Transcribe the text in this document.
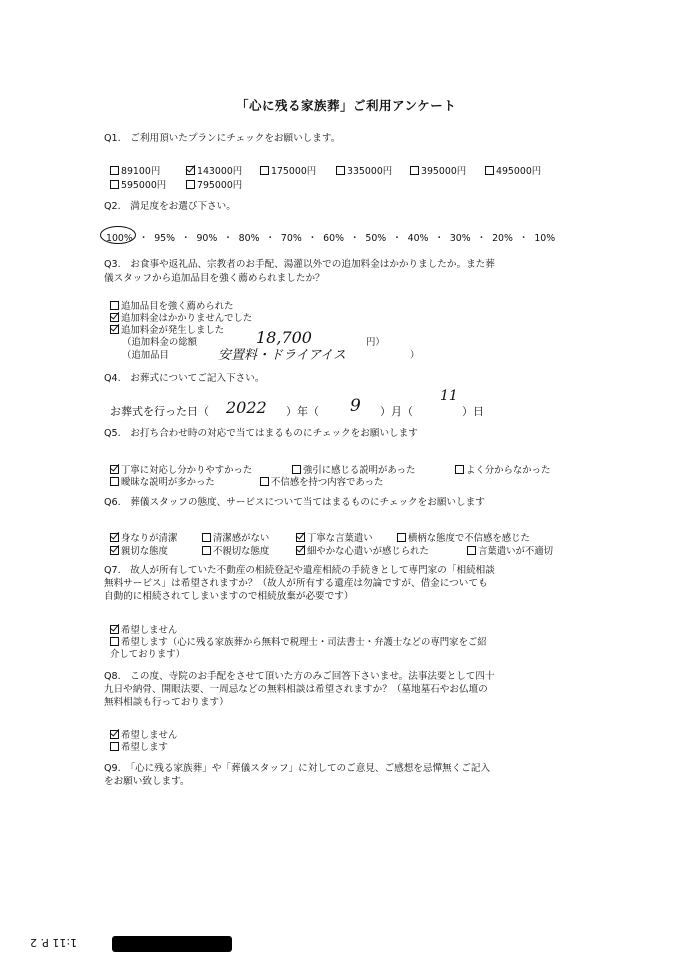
「心に残る家族葬」ご利用アンケート
Q1.　ご利用頂いたプランにチェックをお願いします。
89100円	143000円	175000円	335000円	395000円	495000円
595000円	795000円
Q2.　満足度をお選び下さい。
100% ・ 95% ・ 90% ・ 80% ・ 70% ・ 60% ・ 50% ・ 40% ・ 30% ・ 20% ・ 10%
Q3.　お食事や返礼品、宗教者のお手配、湯灌以外での追加料金はかかりましたか。また葬
儀スタッフから追加品目を強く薦められましたか？
追加品目を強く薦められた
追加料金はかかりませんでした
追加料金が発生しました
（追加料金の総額	18,700	円）
（追加品目	安置料・ドライアイス	）
Q4.　お葬式についてご記入下さい。
お葬式を行った日（ 2022 ）年（ 9 ）月（
11
）日
Q5.　お打ち合わせ時の対応で当てはまるものにチェックをお願いします
丁寧に対応し分かりやすかった	強引に感じる説明があった	よく分からなかった
曖昧な説明が多かった	不信感を持つ内容であった
Q6.　葬儀スタッフの態度、サービスについて当てはまるものにチェックをお願いします
身なりが清潔	清潔感がない	丁寧な言葉遣い	横柄な態度で不信感を感じた
親切な態度	不親切な態度	細やかな心遣いが感じられた	言葉遣いが不適切
Q7.　故人が所有していた不動産の相続登記や遺産相続の手続きとして専門家の「相続相談
無料サービス」は希望されますか？（故人が所有する遺産は勿論ですが、借金についても
自動的に相続されてしまいますので相続放棄が必要です）
希望しません
希望します（心に残る家族葬から無料で税理士・司法書士・弁護士などの専門家をご紹
介しております）
Q8.　この度、寺院のお手配をさせて頂いた方のみご回答下さいませ。法事法要として四十
九日や納骨、開眼法要、一周忌などの無料相談は希望されますか？（墓地墓石やお仏壇の
無料相談も行っております）
希望しません
希望します
Q9.　「心に残る家族葬」や「葬儀スタッフ」に対してのご意見、ご感想を忌憚無くご記入
をお願い致します。
1:11 P. 2
